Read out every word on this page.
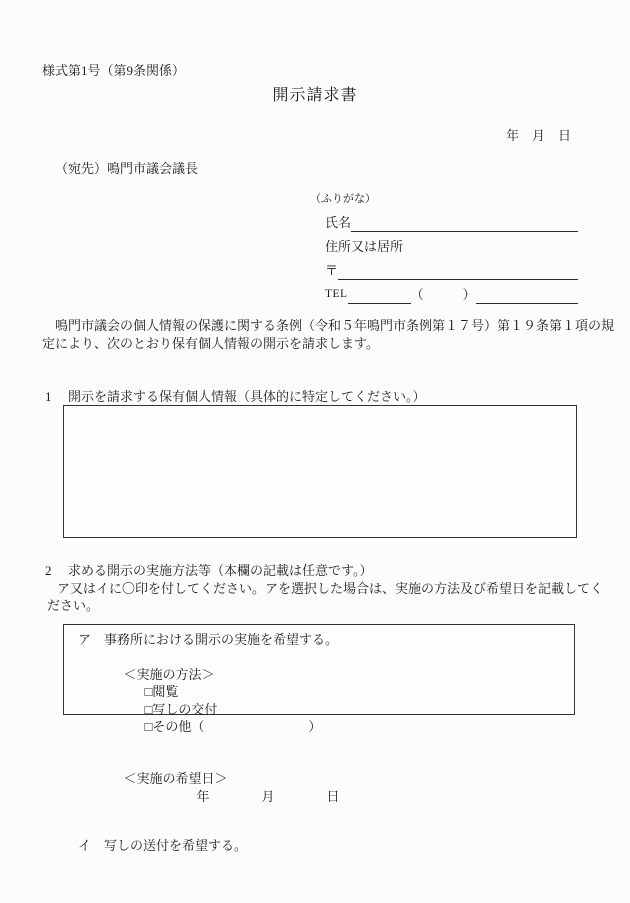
様式第1号（第9条関係）
開示請求書
年　月　日
（宛先）鳴門市議会議長
（ふりがな）
氏名
住所又は居所
〒
TEL	（　　　）
　鳴門市議会の個人情報の保護に関する条例（令和５年鳴門市条例第１７号）第１９条第１項の規
定により、次のとおり保有個人情報の開示を請求します。
1	開示を請求する保有個人情報（具体的に特定してください。）
2	求める開示の実施方法等（本欄の記載は任意です。）
ア又はイに〇印を付してください。アを選択した場合は、実施の方法及び希望日を記載してく
ださい。
ア 事務所における開示の実施を希望する。

＜実施の方法＞
□閲覧
□写しの交付
□その他（　　　　　　　　）

＜実施の希望日＞
年　　　　月　　　　日

イ 写しの送付を希望する。
